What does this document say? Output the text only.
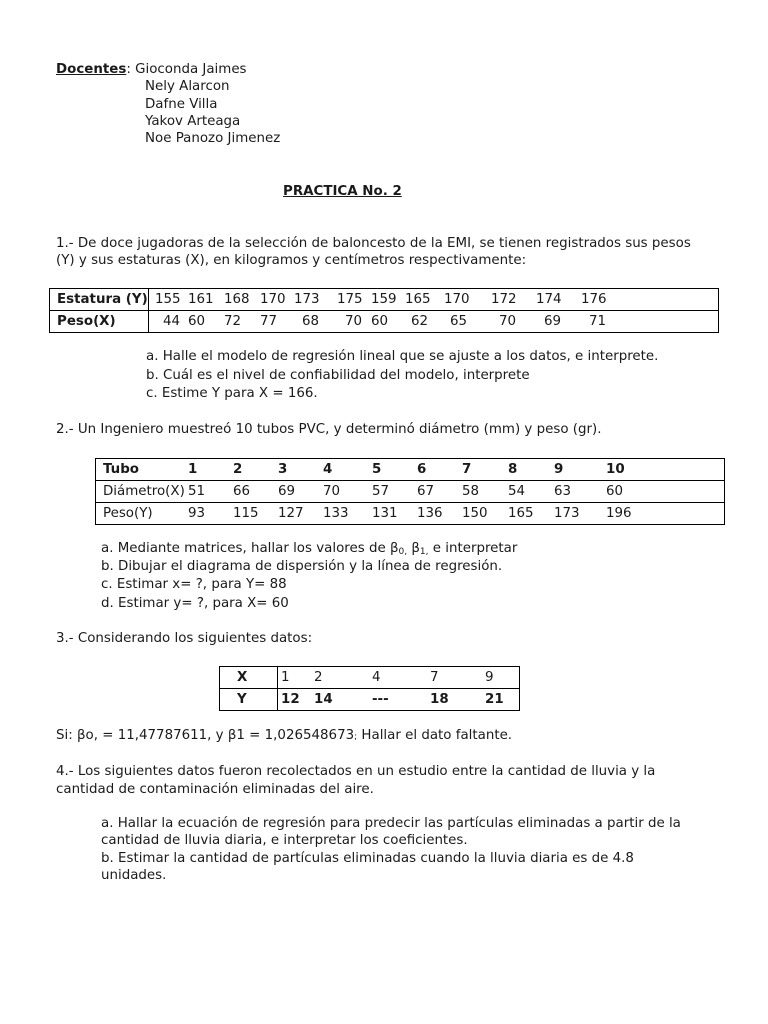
Docentes: Gioconda Jaimes
Nely Alarcon
Dafne Villa
Yakov Arteaga
Noe Panozo Jimenez
PRACTICA No. 2
1.- De doce jugadoras de la selección de baloncesto de la EMI, se tienen registrados sus pesos
(Y) y sus estaturas (X), en kilogramos y centímetros respectivamente:
Estatura (Y)	155	161	168	170	173	175	159	165	170	172	174	176
Peso(X)	44	60	72	77	68	70	60	62	65	70	69	71
a. Halle el modelo de regresión lineal que se ajuste a los datos, e interprete.
b. Cuál es el nivel de confiabilidad del modelo, interprete
c. Estime Y para X = 166.
2.- Un Ingeniero muestreó 10 tubos PVC, y determinó diámetro (mm) y peso (gr).
Tubo	1	2	3	4	5	6	7	8	9	10
Diámetro(X)	51	66	69	70	57	67	58	54	63	60
Peso(Y)	93	115	127	133	131	136	150	165	173	196
a. Mediante matrices, hallar los valores de $\beta_{0,}$ $\beta_{1,}$ e interpretar
b. Dibujar el diagrama de dispersión y la línea de regresión.
c. Estimar x= ?, para Y= 88
d. Estimar y= ?, para X= 60
3.- Considerando los siguientes datos:
X	1	2	4	7	9
Y	12	14	---	18	21
Si: βo, = 11,47787611, y β1 = 1,026548673; Hallar el dato faltante.
4.- Los siguientes datos fueron recolectados en un estudio entre la cantidad de lluvia y la
cantidad de contaminación eliminadas del aire.
a. Hallar la ecuación de regresión para predecir las partículas eliminadas a partir de la
cantidad de lluvia diaria, e interpretar los coeficientes.
b. Estimar la cantidad de partículas eliminadas cuando la lluvia diaria es de 4.8
unidades.
